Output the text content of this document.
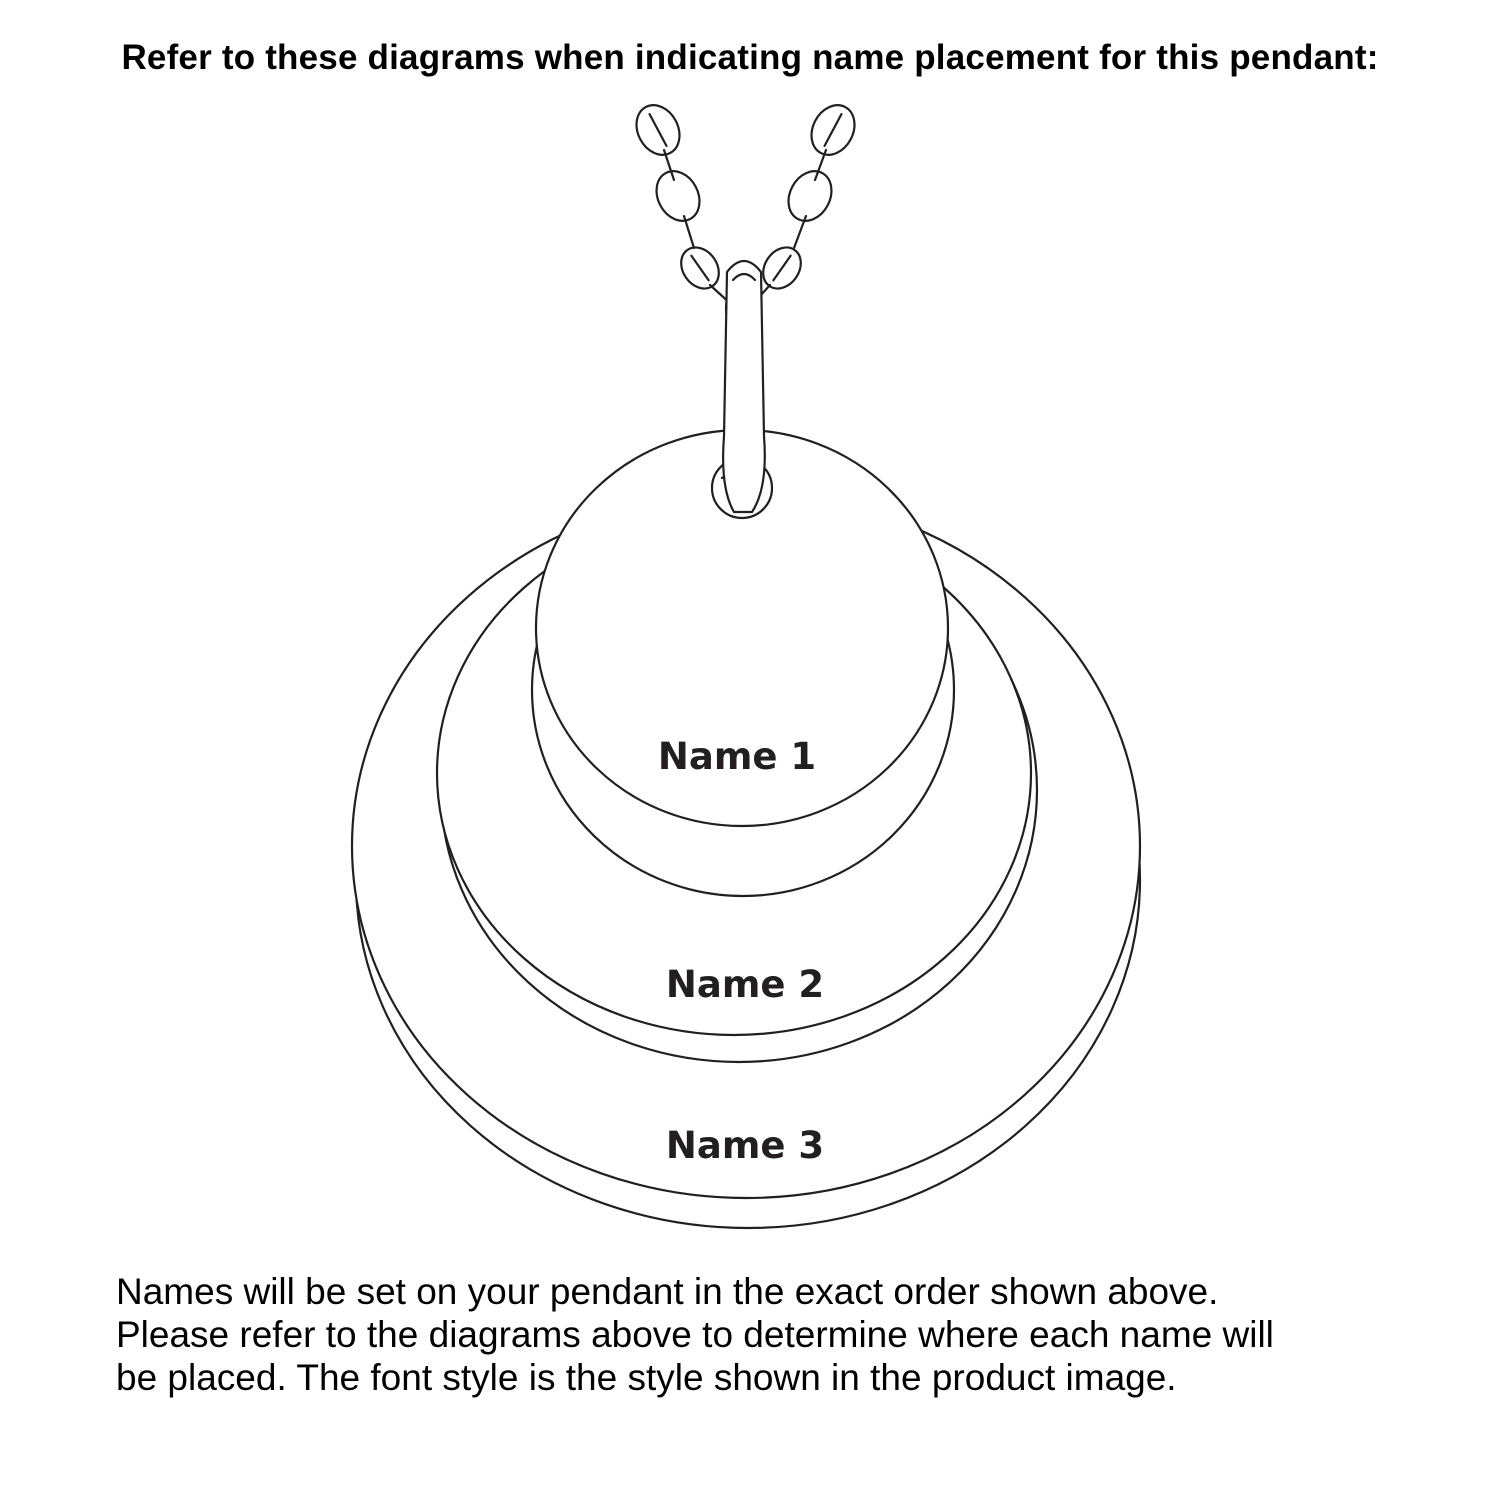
Refer to these diagrams when indicating name placement for this pendant:
Name 1
Name 2
Name 3

Names will be set on your pendant in the exact order shown above.

Please refer to the diagrams above to determine where each name will

be placed. The font style is the style shown in the product image.
